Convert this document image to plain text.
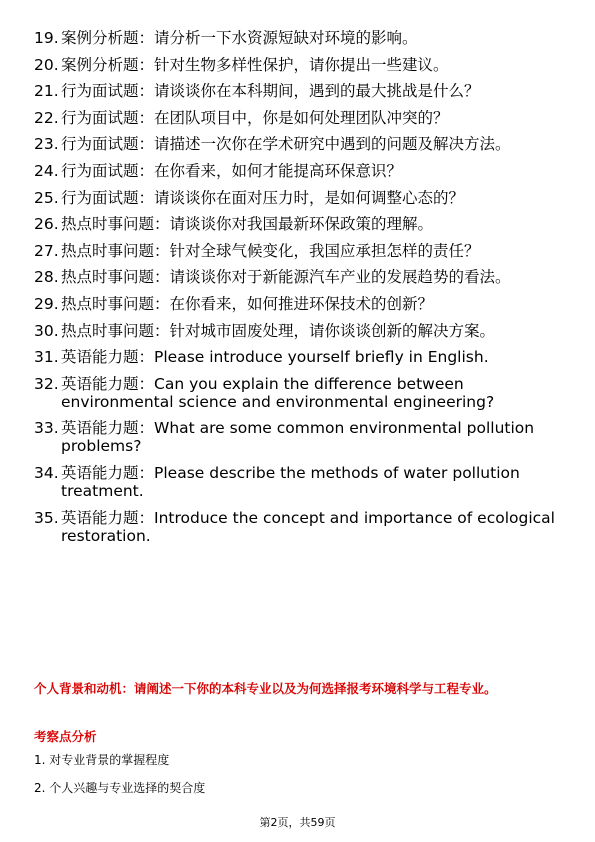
19. 案例分析题：请分析一下水资源短缺对环境的影响。
20. 案例分析题：针对生物多样性保护，请你提出一些建议。
21. 行为面试题：请谈谈你在本科期间，遇到的最大挑战是什么？
22. 行为面试题：在团队项目中，你是如何处理团队冲突的？
23. 行为面试题：请描述一次你在学术研究中遇到的问题及解决方法。
24. 行为面试题：在你看来，如何才能提高环保意识？
25. 行为面试题：请谈谈你在面对压力时，是如何调整心态的？
26. 热点时事问题：请谈谈你对我国最新环保政策的理解。
27. 热点时事问题：针对全球气候变化，我国应承担怎样的责任？
28. 热点时事问题：请谈谈你对于新能源汽车产业的发展趋势的看法。
29. 热点时事问题：在你看来，如何推进环保技术的创新？
30. 热点时事问题：针对城市固废处理，请你谈谈创新的解决方案。
31. 英语能力题：Please introduce yourself briefly in English.
32. 英语能力题：Can you explain the difference between environmental science and environmental engineering?
33. 英语能力题：What are some common environmental pollution problems?
34. 英语能力题：Please describe the methods of water pollution treatment.
35. 英语能力题：Introduce the concept and importance of ecological restoration.
个人背景和动机：请阐述一下你的本科专业以及为何选择报考环境科学与工程专业。
考察点分析
1. 对专业背景的掌握程度
2. 个人兴趣与专业选择的契合度
第2页，共59页
